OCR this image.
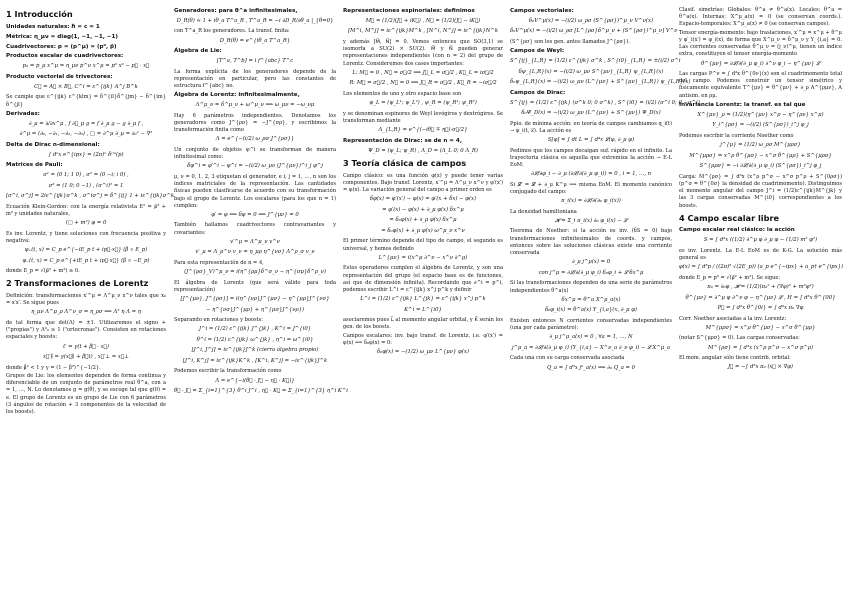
1 Introducción
Unidades naturales: ℏ = c = 1
Métrica: η_μν = diag(1, −1, −1, −1)
Cuadrivectores: p = (p^μ) = (p⁰, p⃗)
Productos escalar de cuadrivectores:
p₀ = p_μ x^μ = η_μν p^ν x^μ = p⁰ x⁰ − p⃗ · x⃗
Producto vectorial de trivectores:
C⃗ = A⃗ × B⃗, C^i = ε^{ijk} A^j B^k

Se cumple que ε^{ijk} ε^{klm} = δ^{il}δ^{jm} − δ^{im}δ^{jl}

Derivadas:
∂_μ = ∂/∂x^μ , f ∂⃡_μ g = f ∂_μ g − g ∂_μ f ,
∂^μ = (∂₀, −∂₁, −∂₂, −∂₃) , □ = ∂^μ ∂_μ = ∂₀² − ∇²
Delta de Dirac n-dimensional:
∫ dⁿx e^{ipx} = (2π)ⁿ δ⁽ⁿ⁾(p)
Matrices de Pauli:
σ¹ = (0 1; 1 0) , σ² = (0 −i; i 0) ,
σ³ = (1 0; 0 −1) , (σ^i)² = 1
[σ^i, σ^j] = 2iε^{ijk}σ^k , σ^iσ^j = δ^{ij} 1 + iε^{ijk}σ^k

Ecuación Klein-Gordon: con la energía relativista E² = p⃗² + m² y unidades naturales,

(□ + m²) φ = 0

Es inv. Lorentz, y tiene soluciones con frecuencia positiva y negativa:

φ₊(t, x) = C_p e^{−iE_p t + ip⃗·x⃗} (β ∝ E_p)
φ₋(t, x) = C_p e^{+iE_p t + ip⃗·x⃗} (β ∝ −E_p)

donde E_p = √(p⃗² + m²) ≥ 0.

2 Transformaciones de Lorentz

Definición: transformaciones x′^μ = Λ^μ_ν x^ν tales que x₀ = x′x′. Se sigue pues

η_μν Λ^μ_ρ Λ^ν_σ = η_ρσ ⟺ Λᵀ η Λ = η

de tal forma que det(Λ) = ±1. Utilizaremos el signo + ("propias") y Λ⁰₀ ≥ 1 ("ortocronas"). Consisten en rotaciones espaciales y boosts:

t′ = γ(t + β⃗ · x⃗)
x⃗′∥ = γ(x⃗∥ + β⃗t) , x⃗′⊥ = x⃗⊥

donde β⃗² < 1 y γ = (1 − β²)^{−1/2}.

Grupos de Lie: los elementos dependen de forma continua y diferenciable de un conjunto de parámetros real θ^a, con a = 1, …, N. Lo denotamos g = g(θ), y se escoge tal que g(0) = e. El grupo de Lorentz es un grupo de Lie con 6 parámetros (3 ángulos de rotación + 3 componentes de la velocidad de los boosts).

Generadores: para θ^a infinitesimales,
D_R(θ) ≈ 1 + iθ_a T^a_R , T^a_R = −i ∂D_R/∂θ_a |_{θ=0}

con T^a_R los generadores. La transf. finita:

D_R(θ) = e^{iθ_a T^a_R}
Álgebra de Lie:
[T^a, T^b] = i f^{abc} T^c

La forma explícita de los generadores depende de la representación en particular, pero las constantes de estructura f^{abc} no.

Álgebra de Lorentz: infinitesimalmente,
Λ^μ_ν = δ^μ_ν + ω^μ_ν ⟹ ω_μν = −ω_νμ

Hay 6 parámetros independientes. Denotamos los generadores como J^{ρσ} = −J^{σρ}, y escribimos la transformación finita como

Λ = e^{−(i/2) ω_ρσ J^{ρσ}}

Un conjunto de objetos φ^i se transforman de manera infinitesimal como:

δφ^i = φ′^i − φ^i = −(i/2) ω_μν (J^{μν})^i_j φ^j

μ, ν = 0, 1, 2, 3 etiquetan el generador, e i, j = 1, …, n son los índices matriciales de la representación. Las cantidades físicas pueden clasificarse de acuerdo con su transformación bajo el grupo de Lorentz. Los escalares (para los que n = 1) cumplen:

φ′ = φ ⟹ δφ = 0 ⟹ J^{μν} = 0

También hallamos cuadrivectores contravariantes y covariantes:

v′^μ = Λ^μ_ν v^ν
v′_μ = Λ_μ^ν v_ν = η_μρ η^{νσ} Λ^ρ_σ v_ν

Para esta representación de n = 4,

(J^{ρσ}_V)^μ_ν = i(η^{ρμ}δ^σ_ν − η^{σμ}δ^ρ_ν)

El álgebra de Lorentz (que será válido para toda representación)

[J^{μν}, J^{ρσ}] = i(η^{νρ}J^{μσ} − η^{μρ}J^{νσ}
− η^{νσ}J^{μρ} + η^{μσ}J^{νρ})

Separando en rotaciones y boosts:

J^i = (1/2) ε^{ijk} J^{jk} , K^i = J^{i0}
θ^i = (1/2) ε^{ijk} ω^{jk} , η^i = ω^{i0}
[J^i, J^j] = iε^{ijk}J^k (cierra álgebra propio)
[J^i, K^j] = iε^{ijk}K^k , [K^i, K^j] = −iε^{ijk}J^k

Podemos escribir la transformación como

Λ = e^{−i(θ⃗ · J⃗ − η⃗ · K⃗)}
θ⃗ · J⃗ = Σ_{i=1}^{3} θ^i J^i , η⃗ · K⃗ = Σ_{i=1}^{3} η^i K^i
Representaciones espinoriales: definimos
M⃗ = (1/2)(J⃗ + iK⃗) , N⃗ = (1/2)(J⃗ − iK⃗)
[M^i, M^j] = iε^{ijk}M^k , [N^i, N^j] = iε^{ijk}N^k

y además [M⃗, N⃗] = 0. Vemos entonces que SO(3,1) se isomorfa a SU(2) × SU(2). M⃗ y N⃗ pueden generar representaciones independientes (con n = 2) del grupo de Lorentz. Consideremos dos casos importantes:

L: M⃗ = 0 , N⃗ = σ⃗/2 ⟹ J⃗_L = σ⃗/2 , K⃗_L = iσ⃗/2
R: M⃗ = σ⃗/2 , N⃗ = 0 ⟹ J⃗_R = σ⃗/2 , K⃗_R = −iσ⃗/2

Los elementos de uno y otro espacio base son

ψ_L = (ψ_L¹; ψ_L²) , ψ_R = (ψ_R¹; ψ_R²)

y se denominan espinores de Weyl levógiros y dextrógiros. Se transforman mediante

Λ_{L,R} = e^{(−iθ⃗ ∓ η⃗)·σ⃗/2}
Representación de Dirac: se de n = 4,
Ψ_D = (ψ_L; ψ_R) , Λ_D = (Λ_L 0; 0 Λ_R)
3 Teoría clásica de campos

Campo clásico: es una función φ(x) y puede tener varias componentes. Bajo transf. Lorentz, x′^μ = Λ^μ_ν x^ν y φ′(x′) = φ(x). La variación general del campo a primer orden es

δφ(x) = φ′(x′) − φ(x) = φ′(x + δx) − φ(x)
= φ′(x) − φ(x) + ∂_μ φ(x) δx^μ
= δ₀φ(x) + ∂_μ φ(x) δx^μ
= δ₀φ(x) + ∂_μ φ(x) ω^μ_ν x^ν

El primer término depende del tipo de campo, el segundo es universal, y hemos definido

L^{μν} = i(x^μ ∂^ν − x^ν ∂^μ)

Estos operadores cumplen el álgebra de Lorentz, y son una representación del grupo (el espacio base es de funciones, así que de dimensión infinita). Recordando que ∂^i = p^i, podemos escribir L^i = ε^{ijk} x^j p^k y definir

L^i = (1/2) ε^{ijk} L^{jk} = ε^{ijk} x^j p^k
K^i = L^{i0}

asociaremos pues L⃗ al momento angular orbital, y K⃗ serán los gen. de los boosts.

Campos escalares: inv. bajo transf. de Lorentz, i.e. φ′(x′) = φ(x) ⟹ δ₀φ(x) = 0:

δ₀φ(x) = −(1/2) ω_μν L^{μν} φ(x)
Campos vectoriales:
δ₀V^μ(x) = −(i/2) ω_ρσ (S^{ρσ})^μ_ν V^ν(x)
δ₀V^μ(x) = −(i/2) ω_ρσ [L^{ρσ}δ^μ_ν + (S^{ρσ})^μ_ν] V^ν

(S^{ρσ} son los gen. antes llamados J^{ρσ}).

Campos de Weyl:
S^{ij}_{L,R} = (1/2) ε^{ijk} σ^k , S^{i0}_{L,R} = ±(i/2) σ^i
δψ_{L,R}(x) = −(i/2) ω_μν S^{μν}_{L,R} ψ_{L,R}(x)
δ₀ψ_{L,R}(x) = −(i/2) ω_μν (L^{μν} + S^{μν}_{L,R}) ψ_{L,R}(x)
Campos de Dirac:
S^{ij} = (1/2) ε^{ijk} (σ^k 0; 0 σ^k) , S^{i0} = (i/2) (σ^i 0; 0 −σ^i)
δ₀Ψ_D(x) = −(i/2) ω_μν (L^{μν} + S^{μν}) Ψ_D(x)

Ppio. de mínima acción: en teoría de campos cambiamos q_i(t) → φ_i(t, x⃗). La acción es

S[φ] = ∫ dt L = ∫ d⁴x 𝓛(φ, ∂_μ φ)

Pedimos que los campos decaigan suf. rápido en el infinito. La trayectoria clásica es aquella que extremiza la acción → E-L EoM:

∂𝓛/∂φ_i − ∂_μ (∂𝓛/∂(∂_μ φ_i)) = 0 , i = 1, …, n

Si 𝓛′ = 𝓛 + ∂_μ K^μ ⟹ misma EoM. El momento canónico conjugado del campo:

π_i(x) = ∂𝓛/∂(∂₀ φ_i(x))

La densidad hamiltoniana

𝓗 = Σ_i π_i(x) ∂₀ φ_i(x) − 𝓛

Teorema de Noether: si la acción es inv. (δS = 0) bajo transformaciones infinitesimales de coords. y campos, entonces sobre las soluciones clásicas existe una corriente conservada

∂_μ j^μ(x) = 0
con j^μ = ∂𝓛/∂(∂_μ φ_i) δ₀φ_i + 𝓛 δx^μ

Si las transformaciones dependen de una serie de parámetros independientes θ^a(x)

δx^μ = θ^a X^μ_a(x)
δ₀φ_i(x) = θ^a(x) Y_{i,a}(x, ∂_μ φ)

Existen entonces N corrientes conservadas independientes (una por cada parámetro):

∂_μ j^μ_a(x) = 0 , ∀a = 1, …, N
j^μ_a = ∂𝓛/∂(∂_μ φ_i) (Y_{i,a} − X^ν_a ∂_ν φ_i) − 𝓛 X^μ_a

Cada una con su carga conservada asociada

Q_a = ∫ d³x j⁰_a(x) ⟹ ∂₀ Q_a = 0

Clasif. simetrías: Globales: θ^a ≠ θ^a(x). Locales: θ^a = θ^a(x). Internas: X^μ_a(x) = 0 (se conservan coords.). Espacio-temporales: X^μ_a(x) ≠ 0 (se conservan campos).

Tensor energía-momento: bajo traslaciones, x′^μ = x^μ + θ^μ y φ′_i(x′) = φ_i(x), de forma que X^μ_ν = δ^μ_ν y Y_{i,a} = 0. Las corrientes conservadas θ^μ_ν = (j_ν)^μ, tienen un índice extra, constituyen el tensor energía-momento

θ^{μν} = ∂𝓛/∂(∂_μ φ_i) ∂^ν φ_i − η^{μν} 𝓛

Las cargas P^ν = ∫ d³x θ^{0ν}(x) son el cuadrimomento total del campo. Podemos construir un tensor simétrico y físicamente equivalente T^{μν} = θ^{μν} + ∂_ρ A^{ρμν}, A antisim. en ρμ.

Invariancia Lorentz: la transf. es tal que
X^{μν}_ρ = (1/2)(η^{μν} x^ρ − η^{ρν} x^μ)
Y_i^{ρσ} = −(i/2) (S^{ρσ})_i^j φ_j

Podemos escribir la corriente Noether como

j^{μ} = (1/2) ω_ρσ M^{μρσ}
M^{μρσ} = x^ρ θ^{μσ} − x^σ θ^{μρ} + S^{μρσ}
S^{μρσ} = −i ∂𝓛/∂(∂_μ φ_i) (S^{ρσ})_i^j φ_j

Carga: M^{ρσ} = ∫ d³x (x^ρ p^σ − x^σ p^ρ + S^{0ρσ}) (p^σ = θ^{0σ} la densidad de cuadrimomento). Distinguimos el momento angular del campo J^i = (1/2)ε^{ijk}M^{jk} y las 3 cargas conservadas M^{i0} correspondientes a los boosts.

4 Campo escalar libre
Campo escalar real clásico: la acción
S = ∫ d⁴x ((1/2) ∂^μ φ ∂_μ φ − (1/2) m² φ²)

es inv. Lorentz. La E-L EoM es de K-G. La solución más general es

φ(x) = ∫ d³p / ((2π)³ √(2E_p)) (a_p e^{−ipx} + a_p† e^{ipx})

donde E_p = p⁰ = √(p⃗² + m²). Se sigue:

π₀ = ∂₀φ , 𝓗 = (1/2)(π₀² + (∇φ)² + m²φ²)
θ^{μν} = ∂^μ φ ∂^ν φ − η^{μν} 𝓛 , H = ∫ d³x θ^{00}
P⃗ = ∫ d³x θ^{0i} = ∫ d³x π₀ ∇φ

Corr. Noether asociadas a la inv. Lorentz:

M^{μρσ} = x^ρ θ^{μσ} − x^σ θ^{μρ}

(notar S^{μρσ} = 0). Las cargas conservadas:

M^{ρσ} = ∫ d³x (x^ρ p^σ − x^σ p^ρ)

El mom. angular sólo tiene contrib. orbital:

J⃗ = −∫ d³x π₀ (x⃗ × ∇φ)
